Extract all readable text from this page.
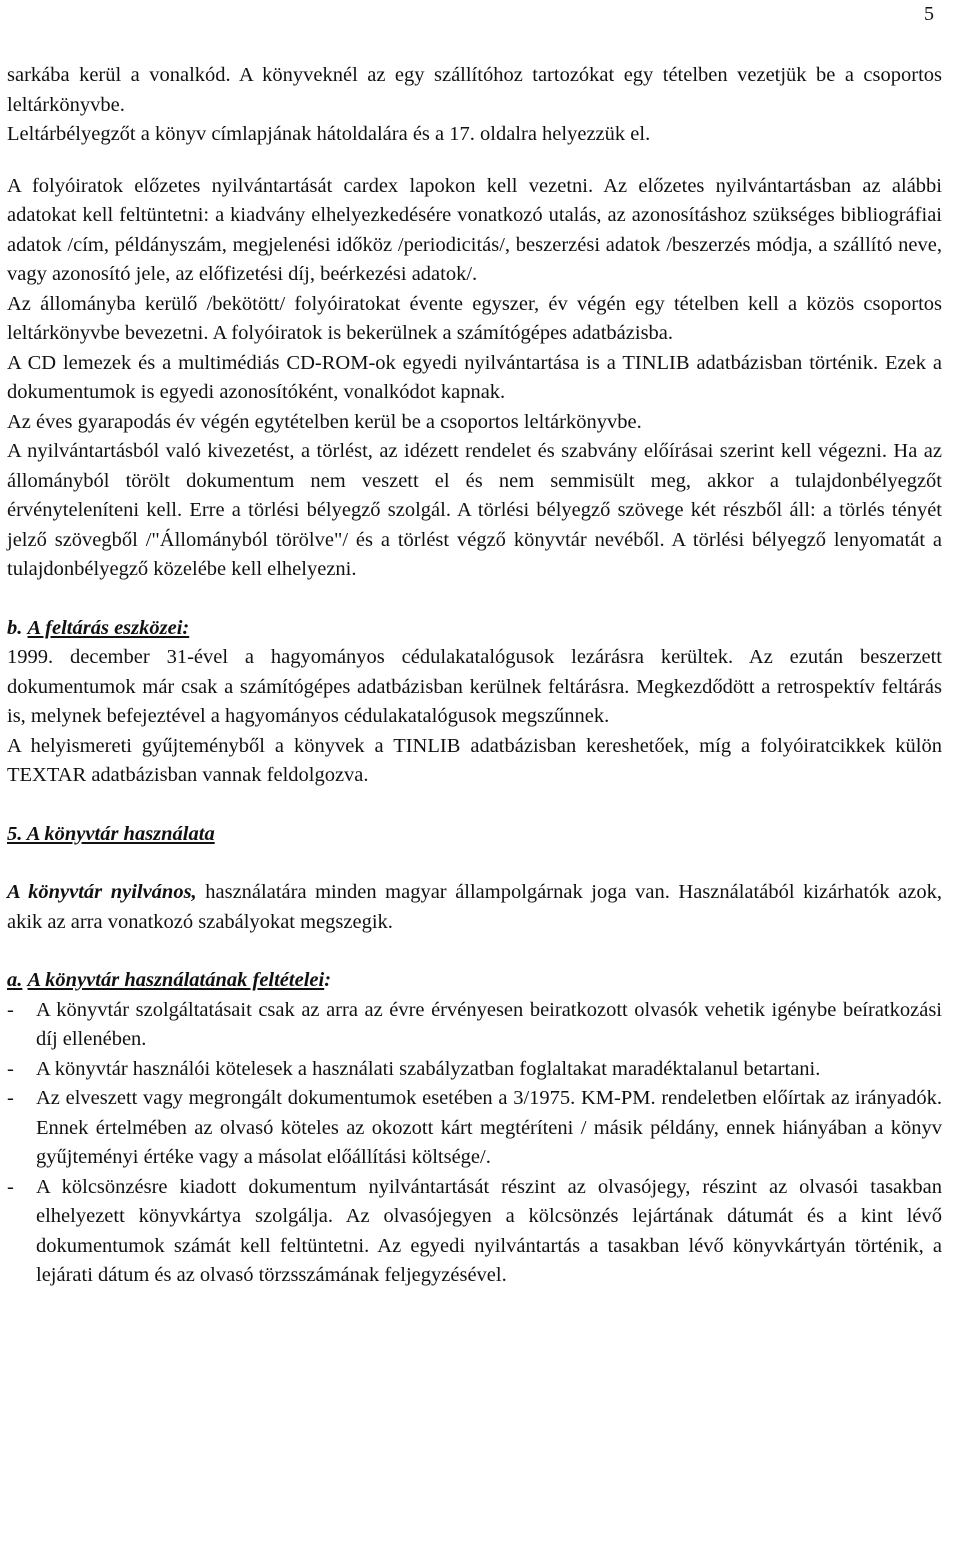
5

sarkába kerül a vonalkód. A könyveknél az egy szállítóhoz tartozókat egy tételben vezetjük be a csoportos leltárkönyvbe.

Leltárbélyegzőt a könyv címlapjának hátoldalára és a 17. oldalra helyezzük el.

A folyóiratok előzetes nyilvántartását cardex lapokon kell vezetni. Az előzetes nyilvántartásban az alábbi adatokat kell feltüntetni: a kiadvány elhelyezkedésére vonatkozó utalás, az azonosításhoz szükséges bibliográfiai adatok /cím, példányszám, megjelenési időköz /periodicitás/, beszerzési adatok /beszerzés módja, a szállító neve, vagy azonosító jele, az előfizetési díj, beérkezési adatok/.

Az állományba kerülő /bekötött/ folyóiratokat évente egyszer, év végén egy tételben kell a közös csoportos leltárkönyvbe bevezetni. A folyóiratok is bekerülnek a számítógépes adatbázisba.

A CD lemezek és a multimédiás CD-ROM-ok egyedi nyilvántartása is a TINLIB adatbázisban történik. Ezek a dokumentumok is egyedi azonosítóként, vonalkódot kapnak.

Az éves gyarapodás év végén egytételben kerül be a csoportos leltárkönyvbe.

A nyilvántartásból való kivezetést, a törlést, az idézett rendelet és szabvány előírásai szerint kell végezni. Ha az állományból törölt dokumentum nem veszett el és nem semmisült meg, akkor a tulajdonbélyegzőt érvényteleníteni kell. Erre a törlési bélyegző szolgál. A törlési bélyegző szövege két részből áll: a törlés tényét jelző szövegből /"Állományból törölve"/ és a törlést végző könyvtár nevéből. A törlési bélyegző lenyomatát a tulajdonbélyegző közelébe kell elhelyezni.

b. A feltárás eszközei:

1999. december 31-ével a hagyományos cédulakatalógusok lezárásra kerültek. Az ezután beszerzett dokumentumok már csak a számítógépes adatbázisban kerülnek feltárásra. Megkezdődött a retrospektív feltárás is, melynek befejeztével a hagyományos cédulakatalógusok megszűnnek.

A helyismereti gyűjteményből a könyvek a TINLIB adatbázisban kereshetőek, míg a folyóiratcikkek külön TEXTAR adatbázisban vannak feldolgozva.

5. A könyvtár használata

A könyvtár nyilvános, használatára minden magyar állampolgárnak joga van. Használatából kizárhatók azok, akik az arra vonatkozó szabályokat megszegik.

a. A könyvtár használatának feltételei:

- A könyvtár szolgáltatásait csak az arra az évre érvényesen beiratkozott olvasók vehetik igénybe beíratkozási díj ellenében.
- A könyvtár használói kötelesek a használati szabályzatban foglaltakat maradéktalanul betartani.
- Az elveszett vagy megrongált dokumentumok esetében a 3/1975. KM-PM. rendeletben előírtak az irányadók. Ennek értelmében az olvasó köteles az okozott kárt megtéríteni / másik példány, ennek hiányában a könyv gyűjteményi értéke vagy a másolat előállítási költsége/.
- A kölcsönzésre kiadott dokumentum nyilvántartását részint az olvasójegy, részint az olvasói tasakban elhelyezett könyvkártya szolgálja. Az olvasójegyen a kölcsönzés lejártának dátumát és a kint lévő dokumentumok számát kell feltüntetni. Az egyedi nyilvántartás a tasakban lévő könyvkártyán történik, a lejárati dátum és az olvasó törzsszámának feljegyzésével.
